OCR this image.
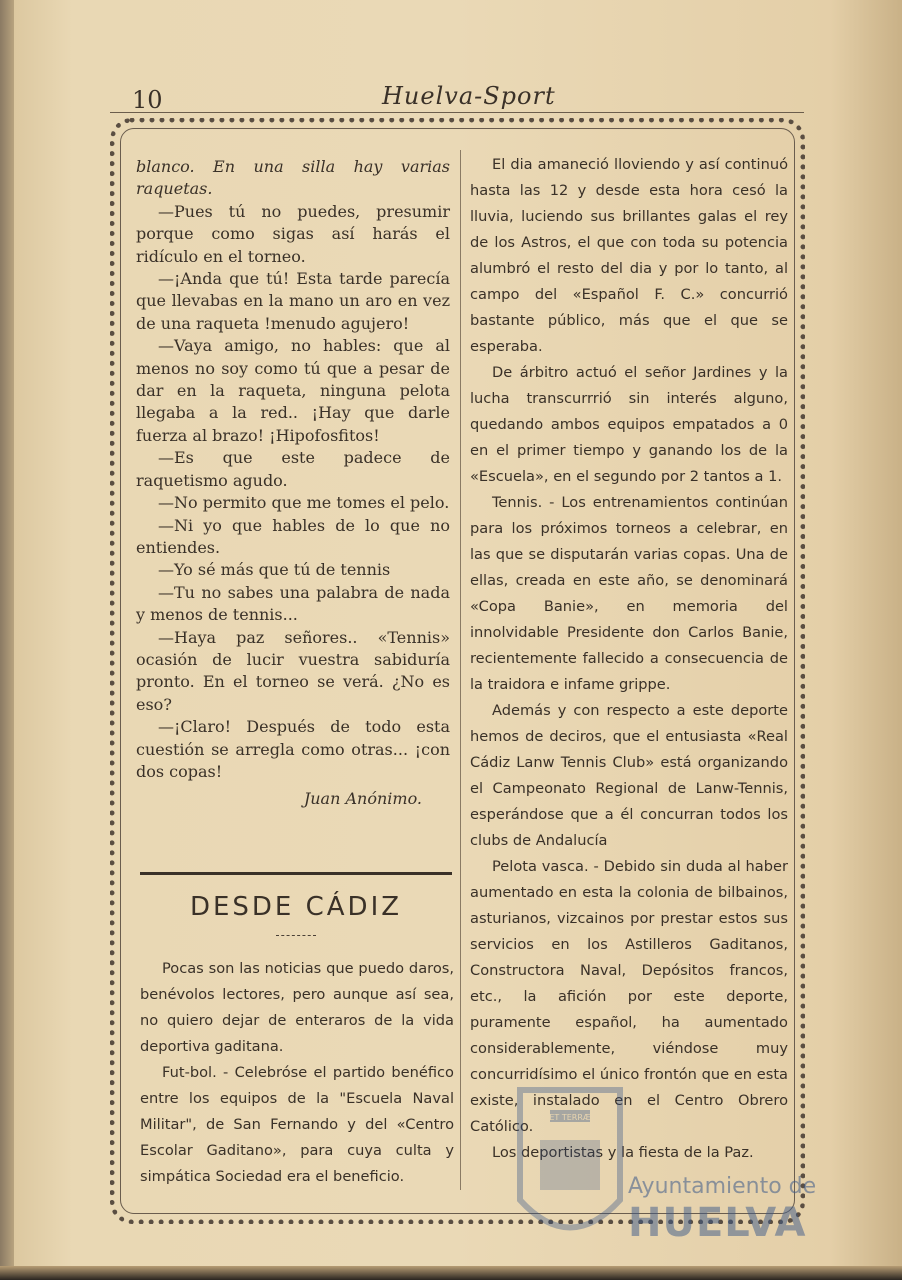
10	Huelva-Sport

blanco. En una silla hay varias raquetas.

—Pues tú no puedes, presumir porque como sigas así harás el ridículo en el torneo.

—¡Anda que tú! Esta tarde parecía que llevabas en la mano un aro en vez de una raqueta !menudo agujero!

—Vaya amigo, no hables: que al menos no soy como tú que a pesar de dar en la raqueta, ninguna pelota llegaba a la red.. ¡Hay que darle fuerza al brazo! ¡Hipofosfitos!

—Es que este padece de raquetismo agudo.

—No permito que me tomes el pelo.

—Ni yo que hables de lo que no entiendes.

—Yo sé más que tú de tennis

—Tu no sabes una palabra de nada y menos de tennis...

—Haya paz señores.. «Tennis» ocasión de lucir vuestra sabiduría pronto. En el torneo se verá. ¿No es eso?

—¡Claro! Después de todo esta cuestión se arregla como otras... ¡con dos copas!

Juan Anónimo.

DESDE CÁDIZ

Pocas son las noticias que puedo daros, benévolos lectores, pero aunque así sea, no quiero dejar de enteraros de la vida deportiva gaditana.

Fut-bol. - Celebróse el partido benéfico entre los equipos de la "Escuela Naval Militar", de San Fernando y del «Centro Escolar Gaditano», para cuya culta y simpática Sociedad era el beneficio.

El dia amaneció lloviendo y así continuó hasta las 12 y desde esta hora cesó la lluvia, luciendo sus brillantes galas el rey de los Astros, el que con toda su potencia alumbró el resto del dia y por lo tanto, al campo del «Español F. C.» concurrió bastante público, más que el que se esperaba.

De árbitro actuó el señor Jardines y la lucha transcurrrió sin interés alguno, quedando ambos equipos empatados a 0 en el primer tiempo y ganando los de la «Escuela», en el segundo por 2 tantos a 1.

Tennis. - Los entrenamientos continúan para los próximos torneos a celebrar, en las que se disputarán varias copas. Una de ellas, creada en este año, se denominará «Copa Banie», en memoria del innolvidable Presidente don Carlos Banie, recientemente fallecido a consecuencia de la traidora e infame grippe.

Además y con respecto a este deporte hemos de deciros, que el entusiasta «Real Cádiz Lanw Tennis Club» está organizando el Campeonato Regional de Lanw-Tennis, esperándose que a él concurran todos los clubs de Andalucía

Pelota vasca. - Debido sin duda al haber aumentado en esta la colonia de bilbainos, asturianos, vizcainos por prestar estos sus servicios en los Astilleros Gaditanos, Constructora Naval, Depósitos francos, etc., la afición por este deporte, puramente español, ha aumentado considerablemente, viéndose muy concurridísimo el único frontón que en esta existe, instalado en el Centro Obrero Católico.

Los deportistas y la fiesta de la Paz.

ET TERRÆ
Ayuntamiento de
HUELVA
